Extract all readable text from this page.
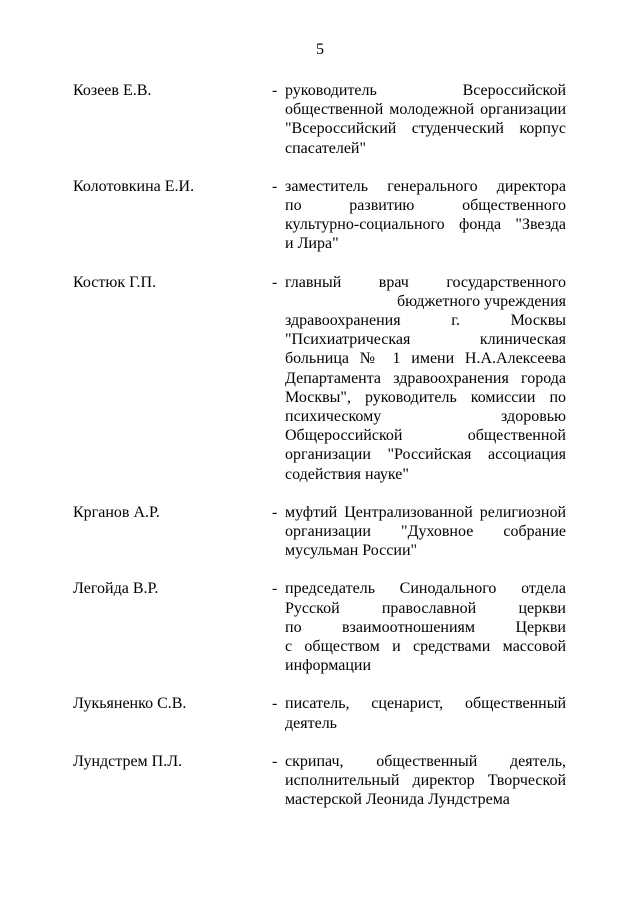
5
Козеев Е.В.	- руководитель Всероссийской
общественной молодежной организации
"Всероссийский студенческий корпус
спасателей"
Колотовкина Е.И.	- заместитель генерального директора
по развитию общественного
культурно-социального фонда "Звезда
и Лира"
Костюк Г.П.	- главный врач государственного
бюджетного учреждения
здравоохранения г. Москвы
"Психиатрическая клиническая
больница № 1 имени Н.А.Алексеева
Департамента здравоохранения города
Москвы", руководитель комиссии по
психическому здоровью
Общероссийской общественной
организации "Российская ассоциация
содействия науке"
Крганов А.Р.	- муфтий Централизованной религиозной
организации "Духовное собрание
мусульман России"
Легойда В.Р.	- председатель Синодального отдела
Русской православной церкви
по взаимоотношениям Церкви
с обществом и средствами массовой
информации
Лукьяненко С.В.	- писатель, сценарист, общественный
деятель
Лундстрем П.Л.	- скрипач, общественный деятель,
исполнительный директор Творческой
мастерской Леонида Лундстрема
